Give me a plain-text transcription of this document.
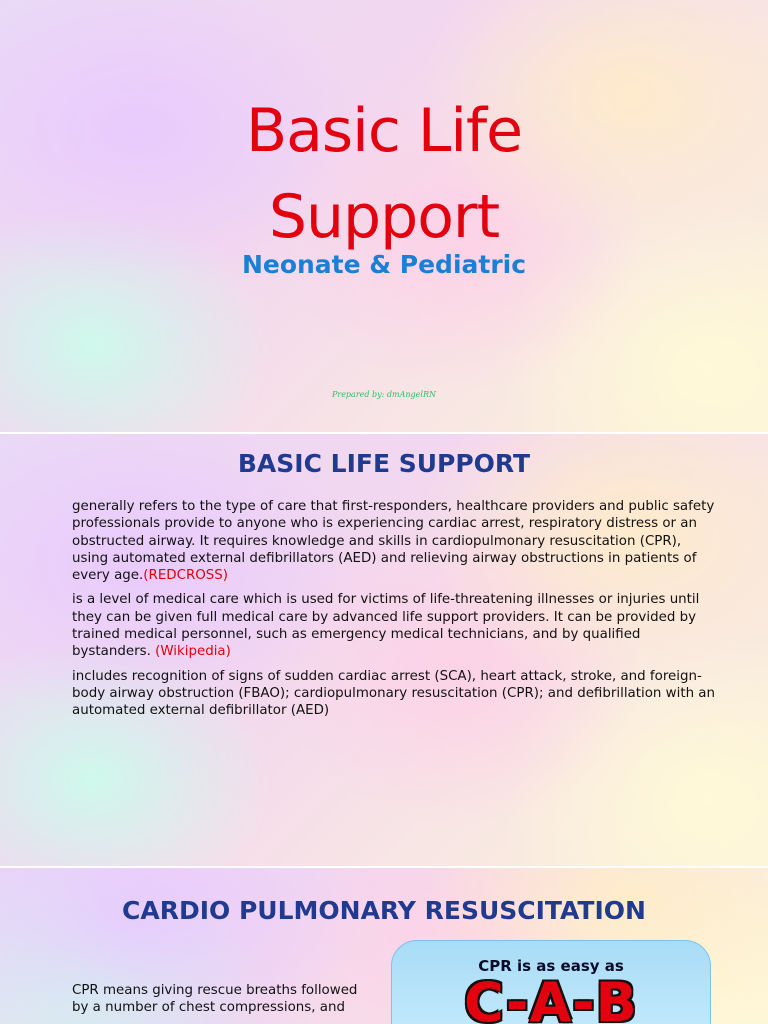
Basic Life
Support
Neonate & Pediatric
Prepared by: dmAngelRN
BASIC LIFE SUPPORT
generally refers to the type of care that first-responders, healthcare providers and public safety professionals provide to anyone who is experiencing cardiac arrest, respiratory distress or an obstructed airway. It requires knowledge and skills in cardiopulmonary resuscitation (CPR), using automated external defibrillators (AED) and relieving airway obstructions in patients of every age.(REDCROSS)
is a level of medical care which is used for victims of life-threatening illnesses or injuries until they can be given full medical care by advanced life support providers. It can be provided by trained medical personnel, such as emergency medical technicians, and by qualified bystanders. (Wikipedia)
includes recognition of signs of sudden cardiac arrest (SCA), heart attack, stroke, and foreign-body airway obstruction (FBAO); cardiopulmonary resuscitation (CPR); and defibrillation with an automated external defibrillator (AED)
CARDIO PULMONARY RESUSCITATION
CPR means giving rescue breaths followed by a number of chest compressions, and
CPR is as easy as
C-A-B
